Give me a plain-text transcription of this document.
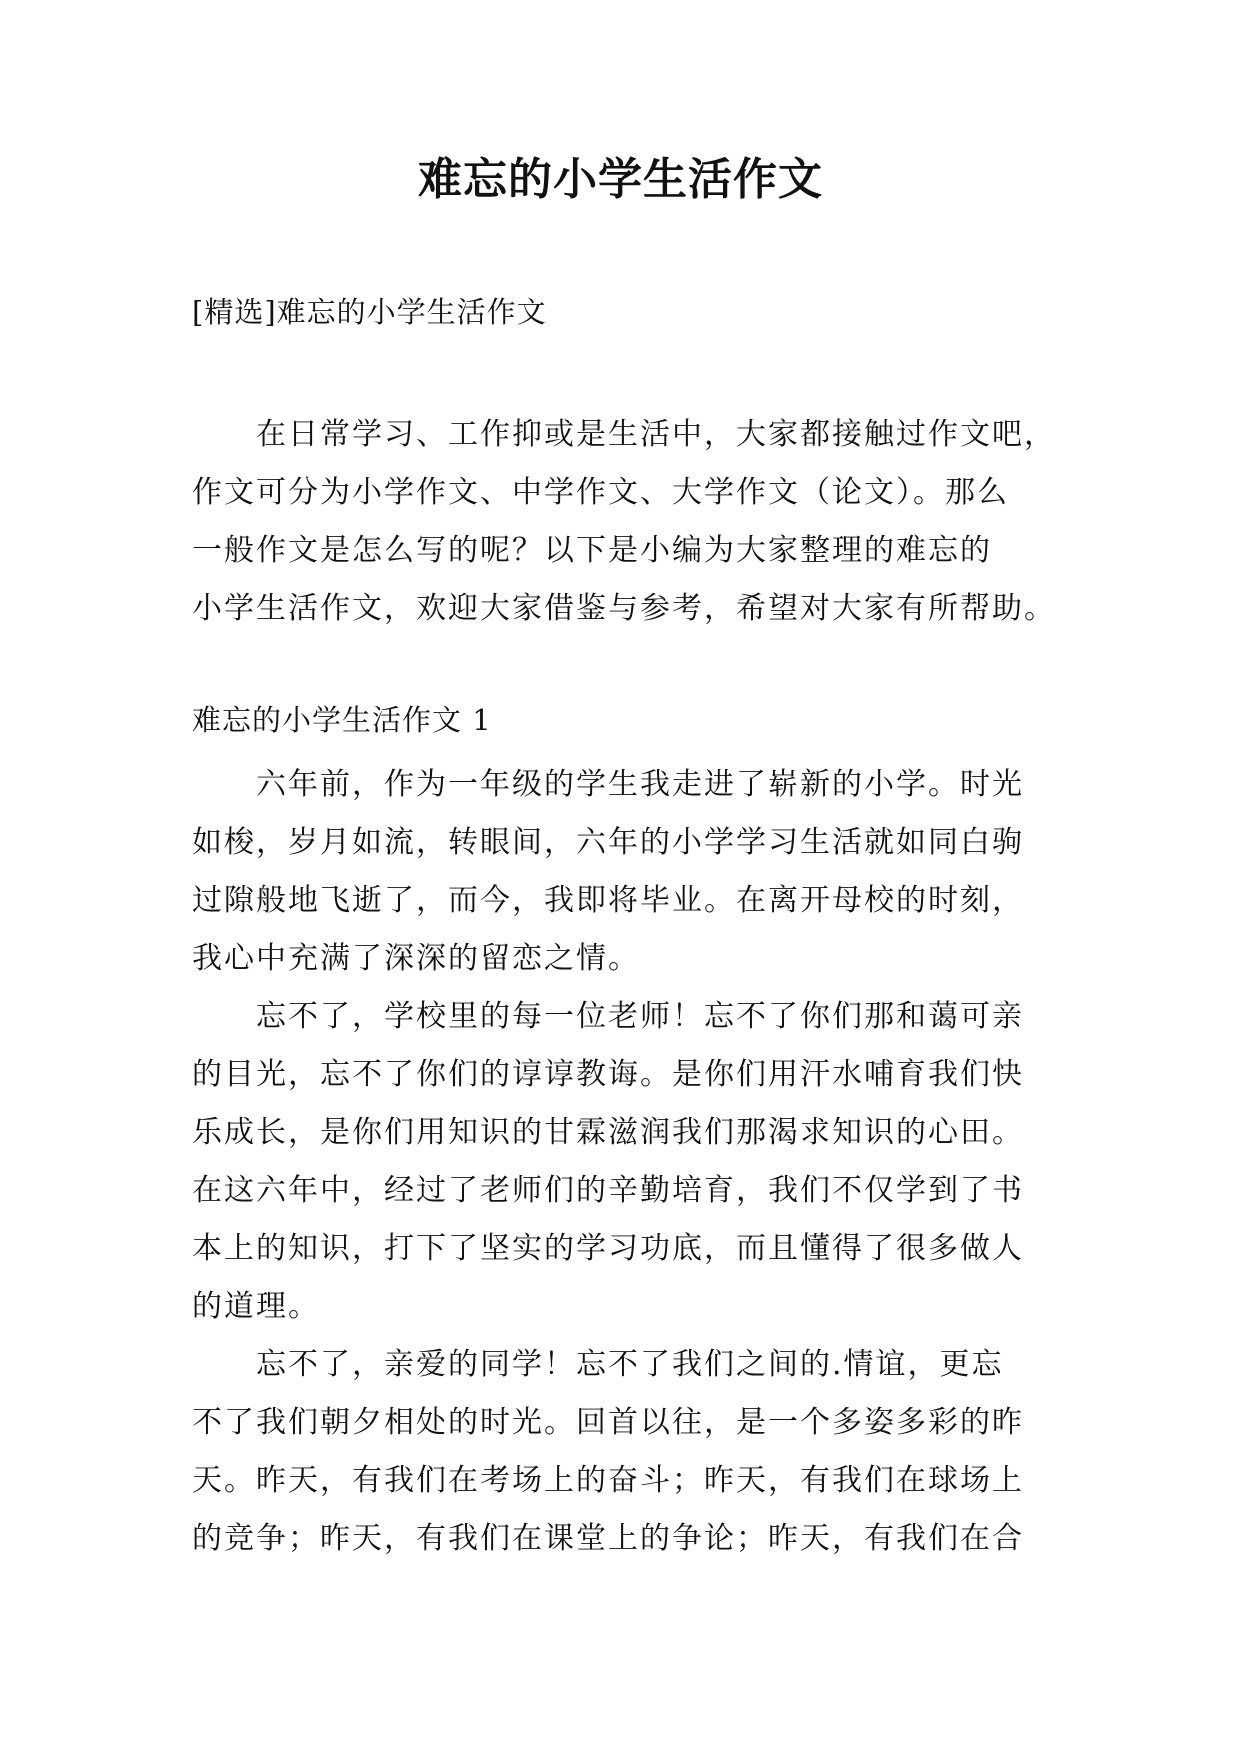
难忘的小学生活作文

[精选]难忘的小学生活作文

在日常学习、工作抑或是生活中，大家都接触过作文吧，
作文可分为小学作文、中学作文、大学作文（论文）。那么
一般作文是怎么写的呢？以下是小编为大家整理的难忘的
小学生活作文，欢迎大家借鉴与参考，希望对大家有所帮助。

难忘的小学生活作文 1

六年前，作为一年级的学生我走进了崭新的小学。时光
如梭，岁月如流，转眼间，六年的小学学习生活就如同白驹
过隙般地飞逝了，而今，我即将毕业。在离开母校的时刻，
我心中充满了深深的留恋之情。

忘不了，学校里的每一位老师！忘不了你们那和蔼可亲
的目光，忘不了你们的谆谆教诲。是你们用汗水哺育我们快
乐成长，是你们用知识的甘霖滋润我们那渴求知识的心田。
在这六年中，经过了老师们的辛勤培育，我们不仅学到了书
本上的知识，打下了坚实的学习功底，而且懂得了很多做人
的道理。

忘不了，亲爱的同学！忘不了我们之间的.情谊，更忘
不了我们朝夕相处的时光。回首以往，是一个多姿多彩的昨
天。昨天，有我们在考场上的奋斗；昨天，有我们在球场上
的竞争；昨天，有我们在课堂上的争论；昨天，有我们在合
